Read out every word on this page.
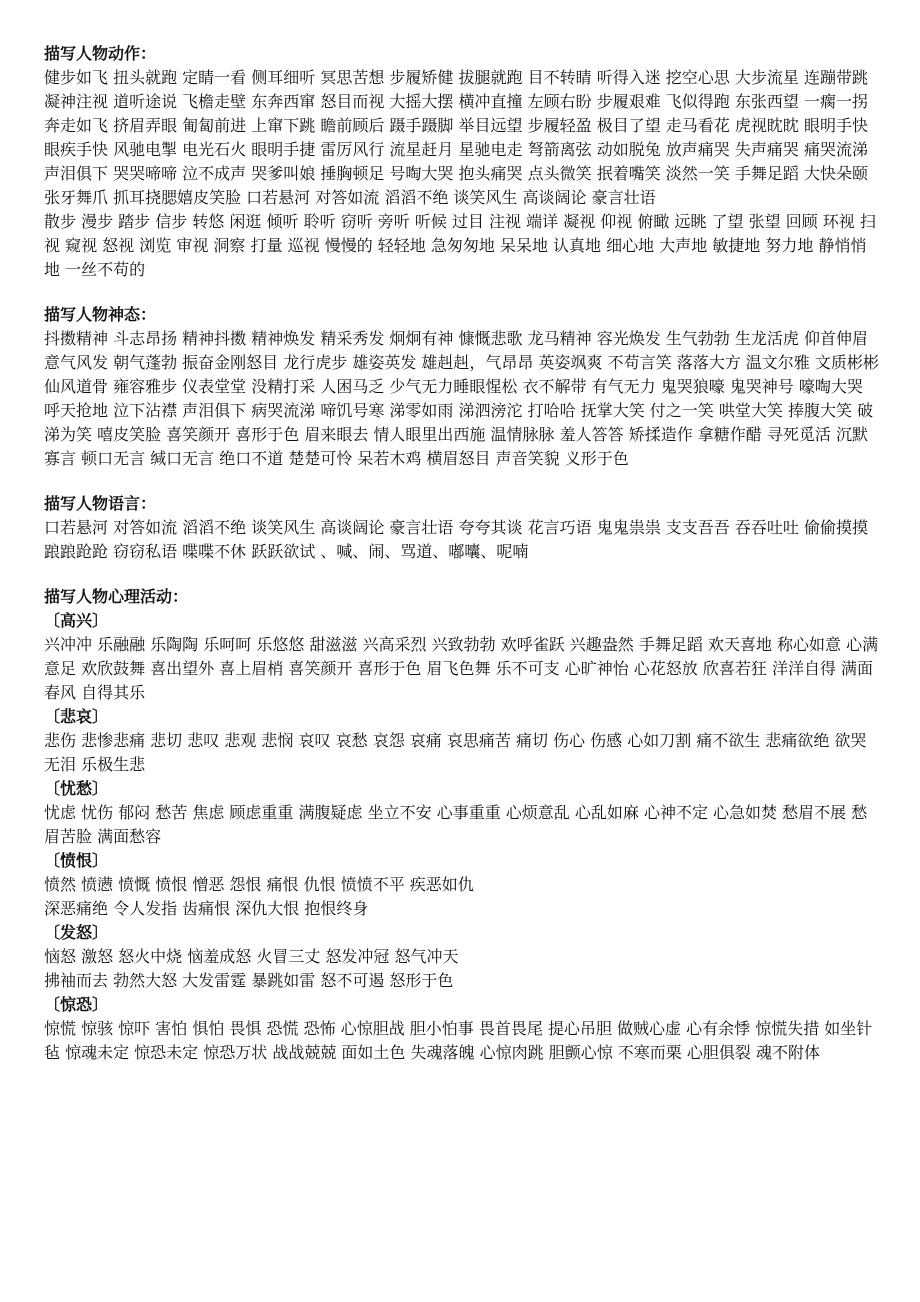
描写人物动作：

健步如飞 扭头就跑 定睛一看 侧耳细听 冥思苦想 步履矫健 拔腿就跑 目不转睛 听得入迷 挖空心思 大步流星 连蹦带跳 凝神注视 道听途说 飞檐走壁 东奔西窜 怒目而视 大摇大摆 横冲直撞 左顾右盼 步履艰难 飞似得跑 东张西望 一瘸一拐 奔走如飞 挤眉弄眼 匍匐前进 上窜下跳 瞻前顾后 蹑手蹑脚 举目远望 步履轻盈 极目了望 走马看花 虎视眈眈 眼明手快 眼疾手快 风驰电掣 电光石火 眼明手捷 雷厉风行 流星赶月 星驰电走 弩箭离弦 动如脱兔 放声痛哭 失声痛哭 痛哭流涕 声泪俱下 哭哭啼啼 泣不成声 哭爹叫娘 捶胸顿足 号啕大哭 抱头痛哭 点头微笑 抿着嘴笑 淡然一笑 手舞足蹈 大快朵颐 张牙舞爪 抓耳挠腮嬉皮笑脸 口若悬河 对答如流 滔滔不绝 谈笑风生 高谈阔论 豪言壮语

散步 漫步 踏步 信步 转悠 闲逛 倾听 聆听 窃听 旁听 听候 过目 注视 端详 凝视 仰视 俯瞰 远眺 了望 张望 回顾 环视 扫视 窥视 怒视 浏览 审视 洞察 打量 巡视 慢慢的 轻轻地 急匆匆地 呆呆地 认真地 细心地 大声地 敏捷地 努力地 静悄悄地 一丝不苟的

描写人物神态：

抖擞精神 斗志昂扬 精神抖擞 精神焕发 精采秀发 炯炯有神 慷慨悲歌 龙马精神 容光焕发 生气勃勃 生龙活虎 仰首伸眉 意气风发 朝气蓬勃 振奋金刚怒目 龙行虎步 雄姿英发 雄赳赳，气昂昂 英姿飒爽 不苟言笑 落落大方 温文尔雅 文质彬彬 仙风道骨 雍容雅步 仪表堂堂 没精打采 人困马乏 少气无力睡眼惺松 衣不解带 有气无力 鬼哭狼嚎 鬼哭神号 嚎啕大哭 呼天抢地 泣下沾襟 声泪俱下 病哭流涕 啼饥号寒 涕零如雨 涕泗滂沱 打哈哈 抚掌大笑 付之一笑 哄堂大笑 捧腹大笑 破涕为笑 嘻皮笑脸 喜笑颜开 喜形于色 眉来眼去 情人眼里出西施 温情脉脉 羞人答答 矫揉造作 拿糖作醋 寻死觅活 沉默寡言 顿口无言 缄口无言 绝口不道 楚楚可怜 呆若木鸡 横眉怒目 声音笑貌 义形于色

描写人物语言：

口若悬河 对答如流 滔滔不绝 谈笑风生 高谈阔论 豪言壮语 夸夸其谈 花言巧语 鬼鬼祟祟 支支吾吾 吞吞吐吐 偷偷摸摸 踉踉跄跄 窃窃私语 喋喋不休 跃跃欲试 、喊、闹、骂道、嘟囔、呢喃

描写人物心理活动：

〔高兴〕

兴冲冲 乐融融 乐陶陶 乐呵呵 乐悠悠 甜滋滋 兴高采烈 兴致勃勃 欢呼雀跃 兴趣盎然 手舞足蹈 欢天喜地 称心如意 心满意足 欢欣鼓舞 喜出望外 喜上眉梢 喜笑颜开 喜形于色 眉飞色舞 乐不可支 心旷神怡 心花怒放 欣喜若狂 洋洋自得 满面春风 自得其乐

〔悲哀〕

悲伤 悲惨悲痛 悲切 悲叹 悲观 悲悯 哀叹 哀愁 哀怨 哀痛 哀思痛苦 痛切 伤心 伤感 心如刀割 痛不欲生 悲痛欲绝 欲哭无泪 乐极生悲

〔忧愁〕

忧虑 忧伤 郁闷 愁苦 焦虑 顾虑重重 满腹疑虑 坐立不安 心事重重 心烦意乱 心乱如麻 心神不定 心急如焚 愁眉不展 愁眉苦脸 满面愁容

〔愤恨〕

愤然 愤懑 愤慨 愤恨 憎恶 怨恨 痛恨 仇恨 愤愤不平 疾恶如仇

深恶痛绝 令人发指 齿痛恨 深仇大恨 抱恨终身

〔发怒〕

恼怒 激怒 怒火中烧 恼羞成怒 火冒三丈 怒发冲冠 怒气冲天

拂袖而去 勃然大怒 大发雷霆 暴跳如雷 怒不可遏 怒形于色

〔惊恐〕

惊慌 惊骇 惊吓 害怕 惧怕 畏惧 恐慌 恐怖 心惊胆战 胆小怕事 畏首畏尾 提心吊胆 做贼心虚 心有余悸 惊慌失措 如坐针毡 惊魂未定 惊恐未定 惊恐万状 战战兢兢 面如土色 失魂落魄 心惊肉跳 胆颤心惊 不寒而栗 心胆俱裂 魂不附体
